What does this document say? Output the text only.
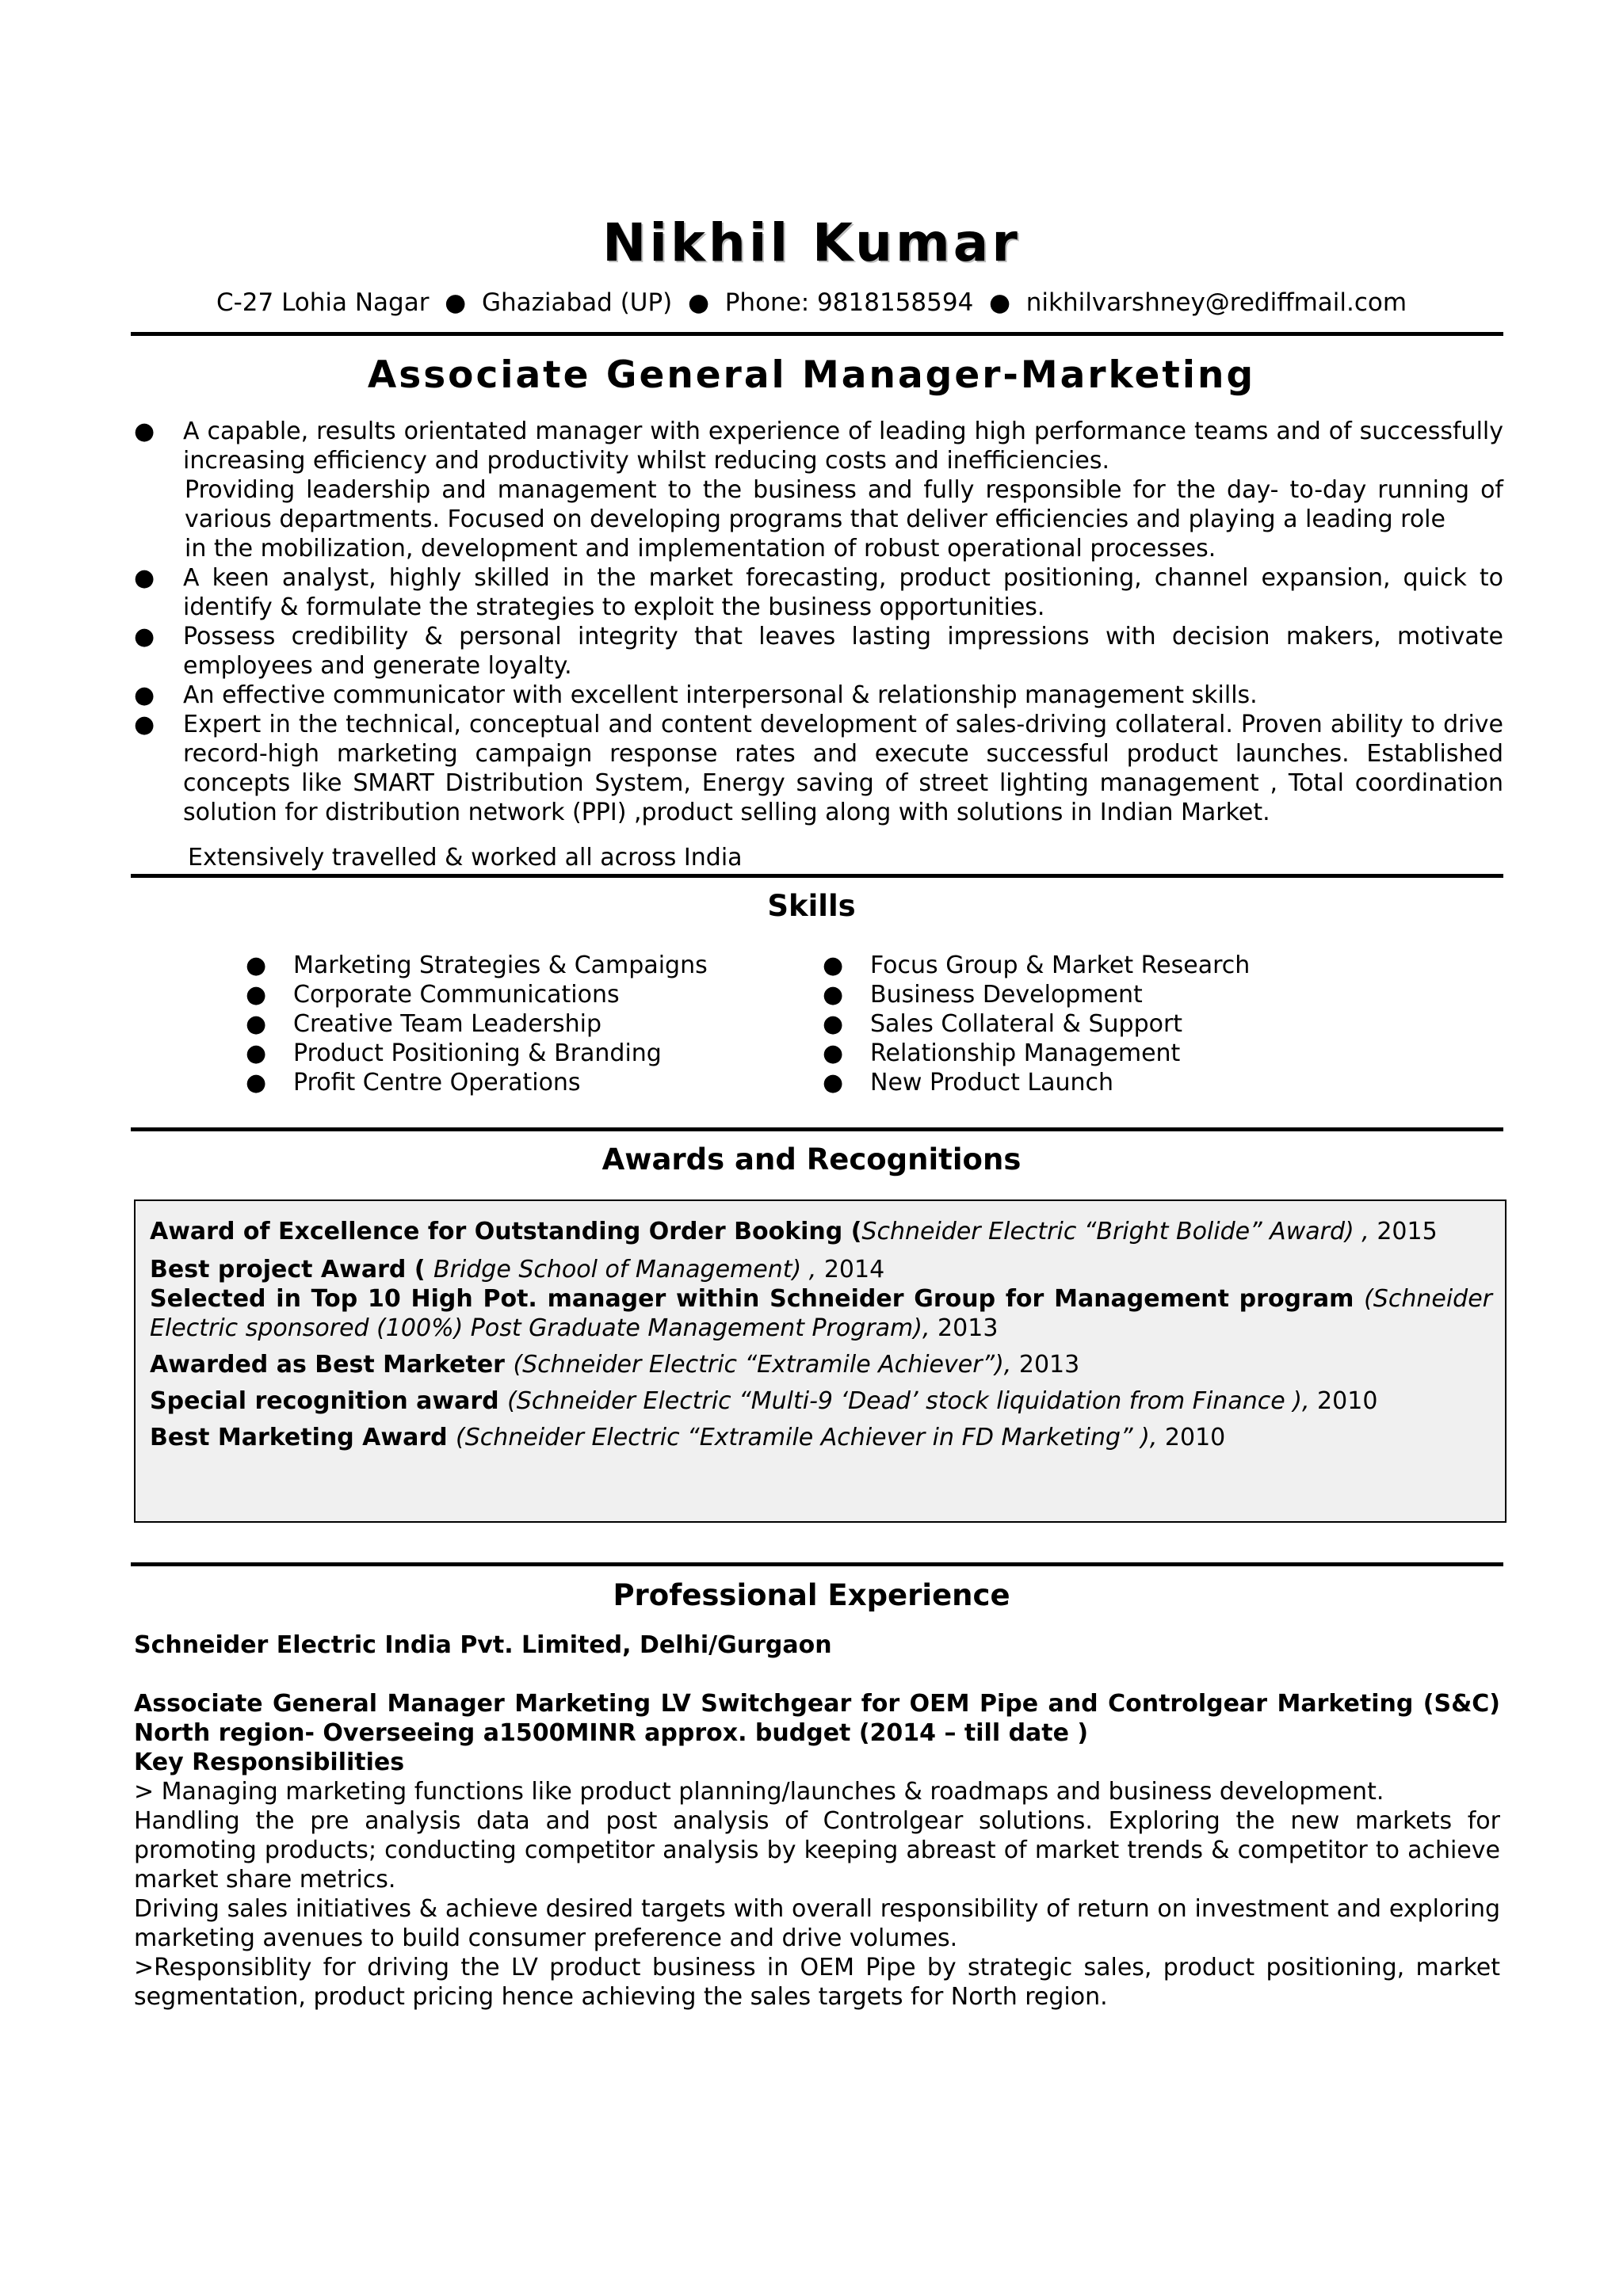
Nikhil Kumar

C-27 Lohia Nagar  ●  Ghaziabad (UP)  ●  Phone: 9818158594  ●  nikhilvarshney@rediffmail.com

Associate General Manager-Marketing
● A capable, results orientated manager with experience of leading high performance teams and of successfully increasing efficiency and productivity whilst reducing costs and inefficiencies.
Providing leadership and management to the business and fully responsible for the day- to-day running of various departments. Focused on developing programs that deliver efficiencies and playing a leading role
in the mobilization, development and implementation of robust operational processes.
● A keen analyst, highly skilled in the market forecasting, product positioning, channel expansion, quick to identify & formulate the strategies to exploit the business opportunities.
● Possess credibility & personal integrity that leaves lasting impressions with decision makers, motivate employees and generate loyalty.
● An effective communicator with excellent interpersonal & relationship management skills.
● Expert in the technical, conceptual and content development of sales-driving collateral. Proven ability to drive record-high marketing campaign response rates and execute successful product launches. Established concepts like SMART Distribution System, Energy saving of street lighting management , Total coordination solution for distribution network (PPI) ,product selling along with solutions in Indian Market.

Extensively travelled & worked all across India

Skills
● Marketing Strategies & Campaigns
● Corporate Communications
● Creative Team Leadership
● Product Positioning & Branding
● Profit Centre Operations
● Focus Group & Market Research
● Business Development
● Sales Collateral & Support
● Relationship Management
● New Product Launch
Awards and Recognitions

Award of Excellence for Outstanding Order Booking (Schneider Electric “Bright Bolide” Award) , 2015

Best project Award ( Bridge School of Management) , 2014

Selected in Top 10 High Pot. manager within Schneider Group for Management program (Schneider Electric sponsored (100%) Post Graduate Management Program), 2013

Awarded as Best Marketer (Schneider Electric “Extramile Achiever”), 2013

Special recognition award (Schneider Electric “Multi-9 ‘Dead’ stock liquidation from Finance ), 2010

Best Marketing Award (Schneider Electric “Extramile Achiever in FD Marketing” ), 2010

Professional Experience

Schneider Electric India Pvt. Limited, Delhi/Gurgaon

Associate General Manager Marketing LV Switchgear for OEM Pipe and Controlgear Marketing (S&C) North region- Overseeing a1500MINR approx. budget (2014 – till date )

Key Responsibilities

> Managing marketing functions like product planning/launches & roadmaps and business development.

Handling the pre analysis data and post analysis of Controlgear solutions. Exploring the new markets for promoting products; conducting competitor analysis by keeping abreast of market trends & competitor to achieve market share metrics.

Driving sales initiatives & achieve desired targets with overall responsibility of return on investment and exploring marketing avenues to build consumer preference and drive volumes.

>Responsiblity for driving the LV product business in OEM Pipe by strategic sales, product positioning, market segmentation, product pricing hence achieving the sales targets for North region.
